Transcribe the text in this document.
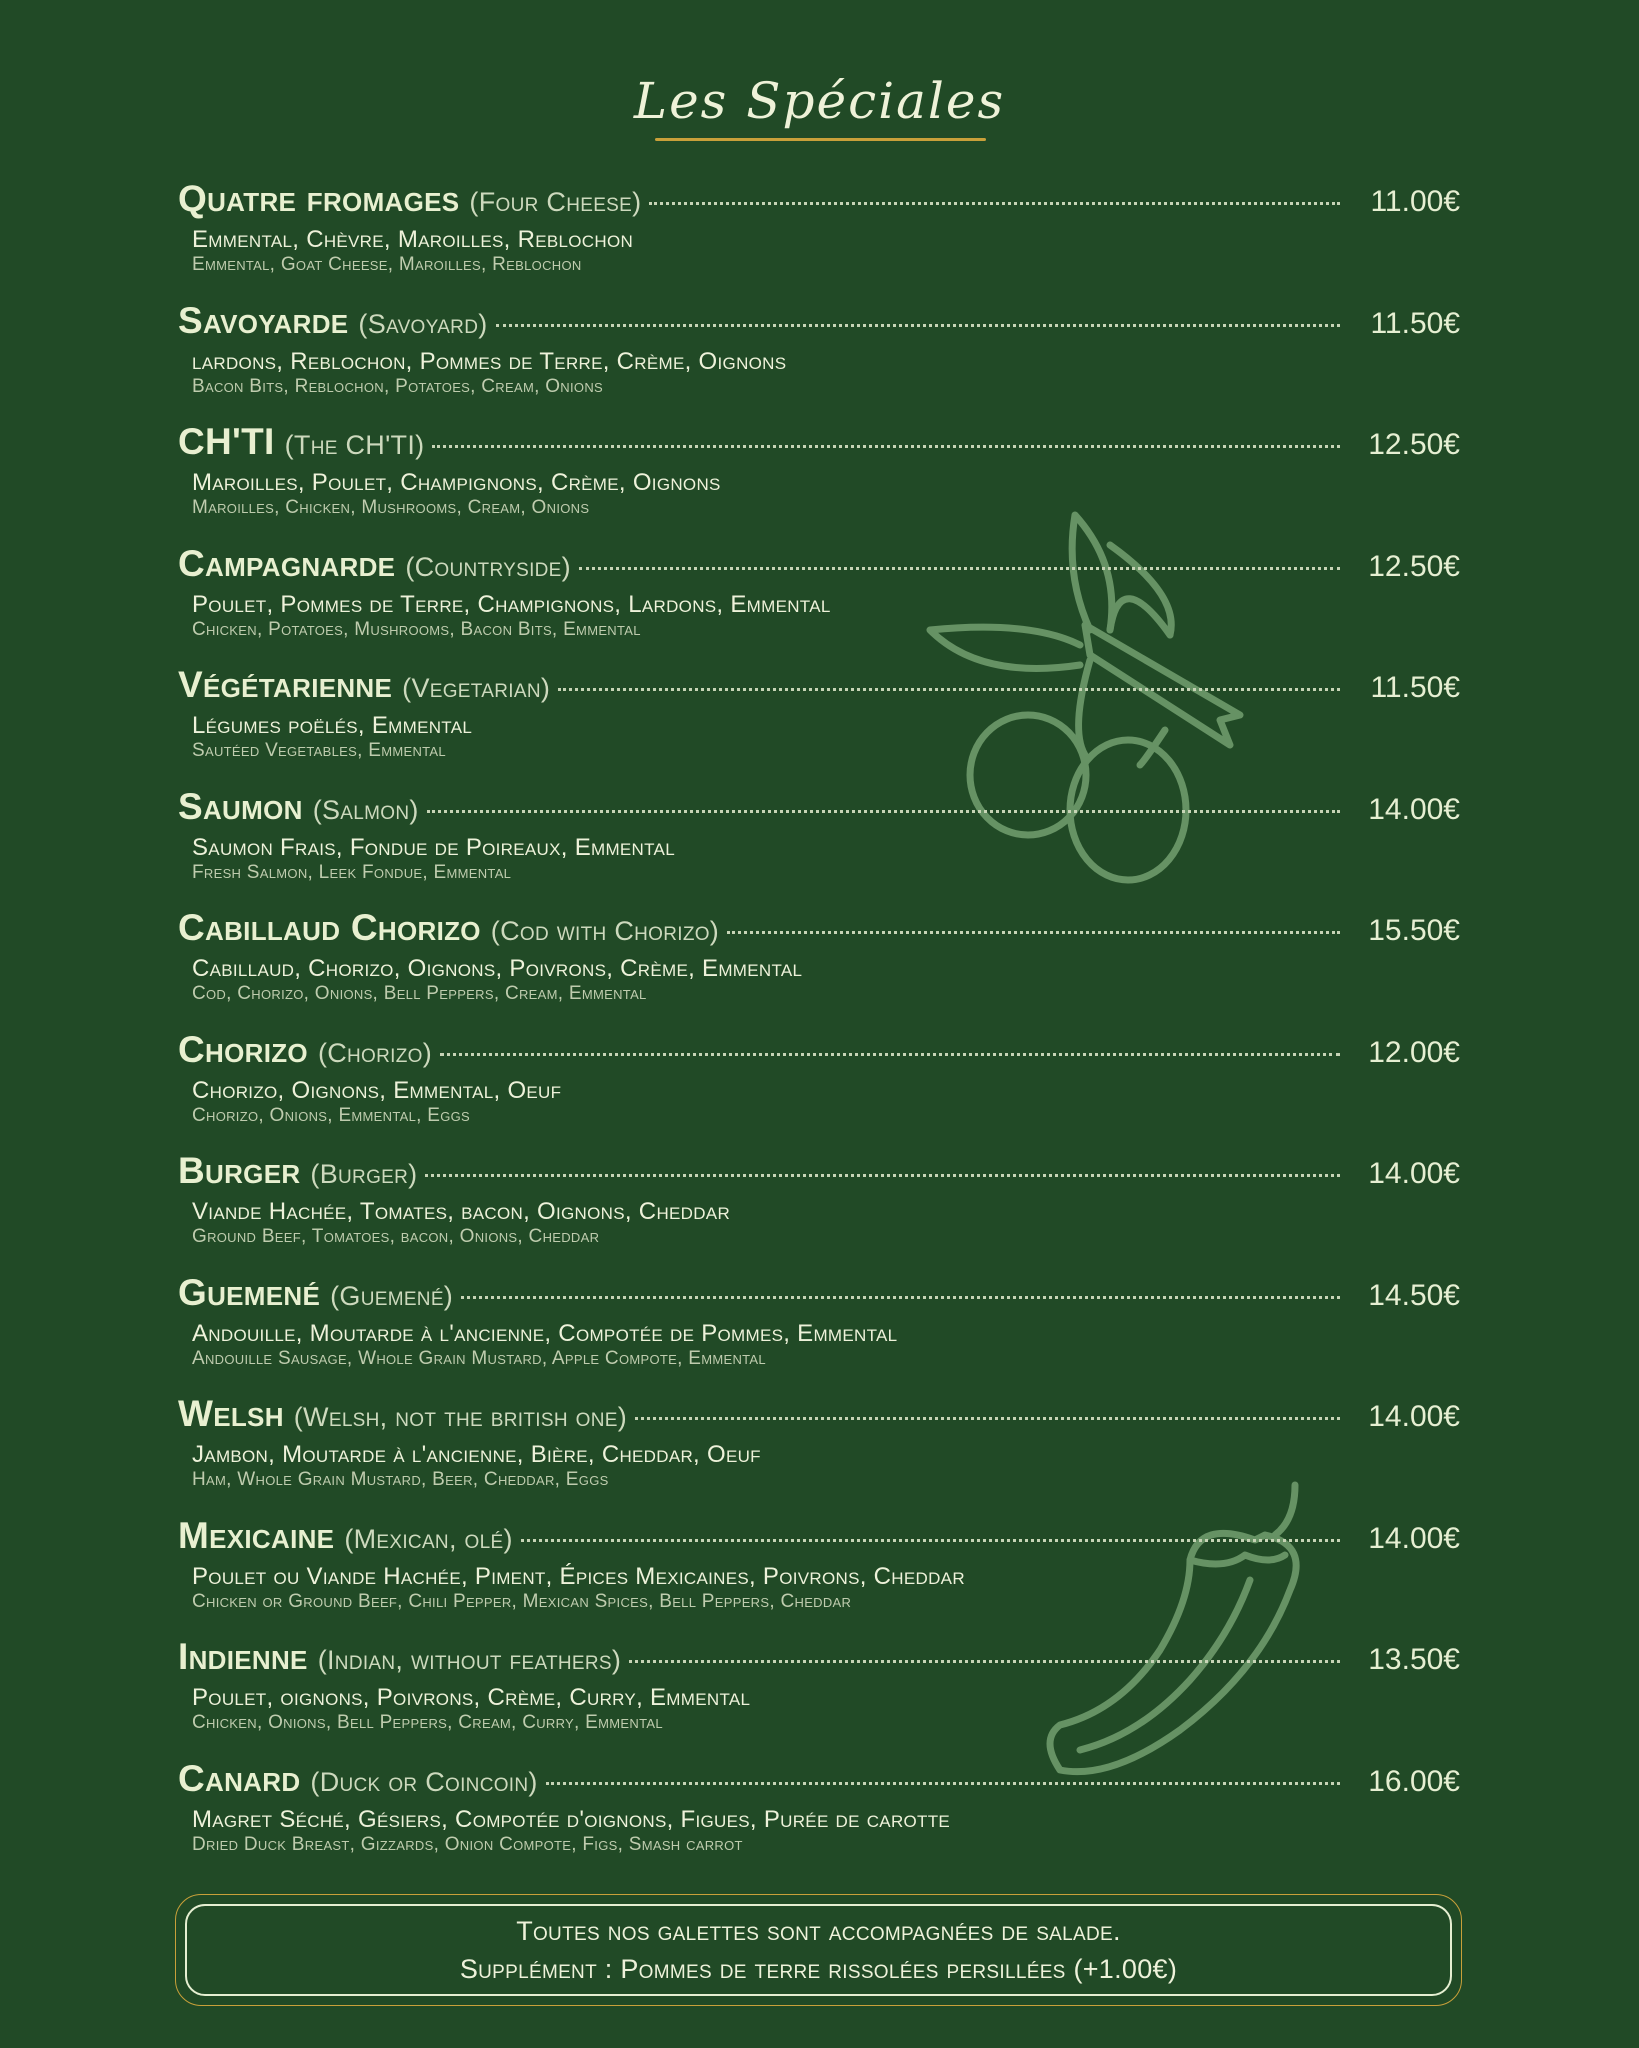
Les Spéciales
Quatre fromages (Four Cheese)	11.00€
Emmental, Chèvre, Maroilles, Reblochon
Emmental, Goat Cheese, Maroilles, Reblochon
Savoyarde (Savoyard)	11.50€
lardons, Reblochon, Pommes de Terre, Crème, Oignons
Bacon Bits, Reblochon, Potatoes, Cream, Onions
CH'TI (The CH'TI)	12.50€
Maroilles, Poulet, Champignons, Crème, Oignons
Maroilles, Chicken, Mushrooms, Cream, Onions
Campagnarde (Countryside)	12.50€
Poulet, Pommes de Terre, Champignons, Lardons, Emmental
Chicken, Potatoes, Mushrooms, Bacon Bits, Emmental
Végétarienne (Vegetarian)	11.50€
Légumes poëlés, Emmental
Sautéed Vegetables, Emmental
Saumon (Salmon)	14.00€
Saumon Frais, Fondue de Poireaux, Emmental
Fresh Salmon, Leek Fondue, Emmental
Cabillaud Chorizo (Cod with Chorizo)	15.50€
Cabillaud, Chorizo, Oignons, Poivrons, Crème, Emmental
Cod, Chorizo, Onions, Bell Peppers, Cream, Emmental
Chorizo (Chorizo)	12.00€
Chorizo, Oignons, Emmental, Oeuf
Chorizo, Onions, Emmental, Eggs
Burger (Burger)	14.00€
Viande Hachée, Tomates, bacon, Oignons, Cheddar
Ground Beef, Tomatoes, bacon, Onions, Cheddar
Guemené (Guemené)	14.50€
Andouille, Moutarde à l'ancienne, Compotée de Pommes, Emmental
Andouille Sausage, Whole Grain Mustard, Apple Compote, Emmental
Welsh (Welsh, not the british one)	14.00€
Jambon, Moutarde à l'ancienne, Bière, Cheddar, Oeuf
Ham, Whole Grain Mustard, Beer, Cheddar, Eggs
Mexicaine (Mexican, olé)	14.00€
Poulet ou Viande Hachée, Piment, Épices Mexicaines, Poivrons, Cheddar
Chicken or Ground Beef, Chili Pepper, Mexican Spices, Bell Peppers, Cheddar
Indienne (Indian, without feathers)	13.50€
Poulet, oignons, Poivrons, Crème, Curry, Emmental
Chicken, Onions, Bell Peppers, Cream, Curry, Emmental
Canard (Duck or Coincoin)	16.00€
Magret Séché, Gésiers, Compotée d'oignons, Figues, Purée de carotte
Dried Duck Breast, Gizzards, Onion Compote, Figs, Smash carrot
Toutes nos galettes sont accompagnées de salade.
Supplément : Pommes de terre rissolées persillées (+1.00€)
